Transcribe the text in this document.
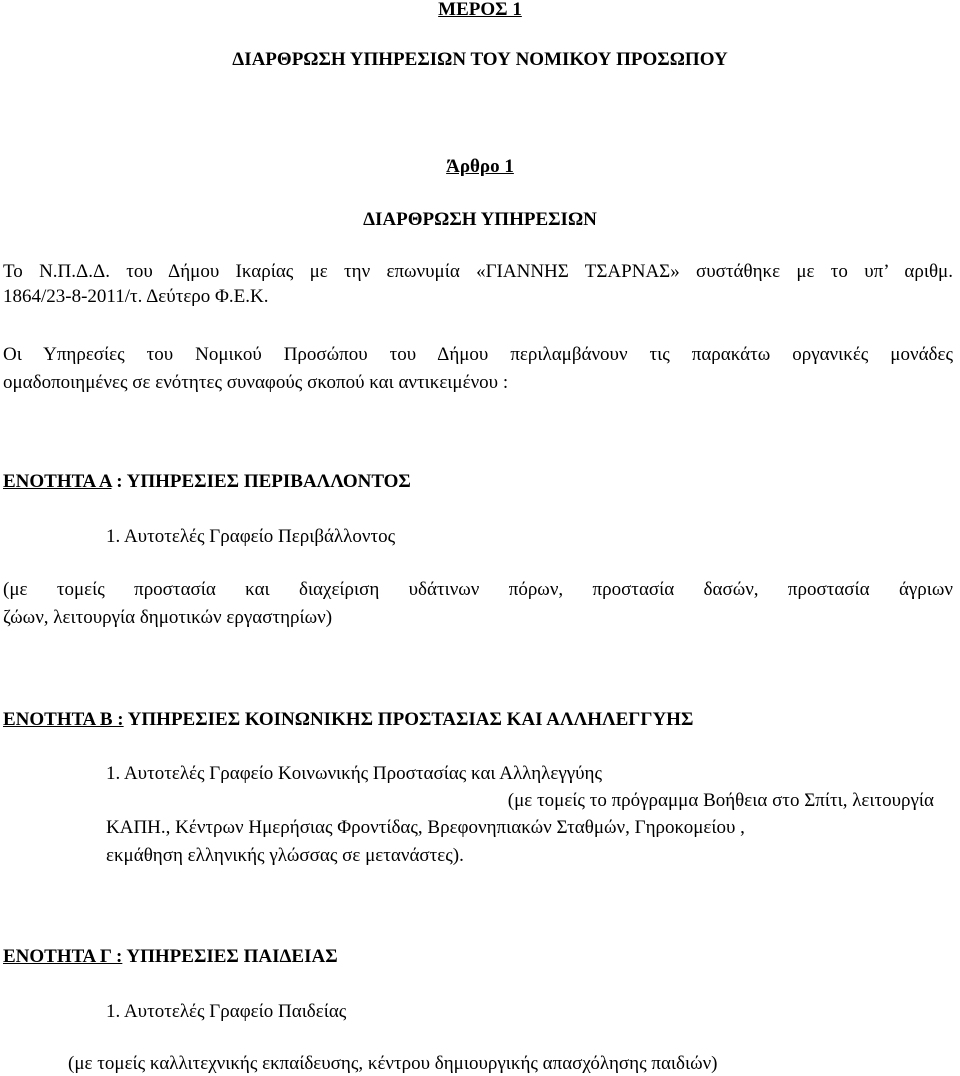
ΜΕΡΟΣ 1
ΔΙΑΡΘΡΩΣΗ ΥΠΗΡΕΣΙΩΝ ΤΟΥ ΝΟΜΙΚΟΥ ΠΡΟΣΩΠΟΥ
Άρθρο 1
ΔΙΑΡΘΡΩΣΗ ΥΠΗΡΕΣΙΩΝ
Το Ν.Π.Δ.Δ. του Δήμου Ικαρίας με την επωνυμία «ΓΙΑΝΝΗΣ ΤΣΑΡΝΑΣ» συστάθηκε με το υπ’ αριθμ.
1864/23-8-2011/τ. Δεύτερο Φ.Ε.Κ.
Οι Υπηρεσίες του Νομικού Προσώπου του Δήμου περιλαμβάνουν τις παρακάτω οργανικές μονάδες
ομαδοποιημένες σε ενότητες συναφούς σκοπού και αντικειμένου :
ΕΝΟΤΗΤΑ Α : ΥΠΗΡΕΣΙΕΣ ΠΕΡΙΒΑΛΛΟΝΤΟΣ
1. Αυτοτελές Γραφείο Περιβάλλοντος
(με τομείς προστασία και διαχείριση υδάτινων πόρων, προστασία δασών, προστασία άγριων
ζώων, λειτουργία δημοτικών εργαστηρίων)
ΕΝΟΤΗΤΑ Β : ΥΠΗΡΕΣΙΕΣ ΚΟΙΝΩΝΙΚΗΣ ΠΡΟΣΤΑΣΙΑΣ ΚΑΙ ΑΛΛΗΛΕΓΓΥΗΣ
1. Αυτοτελές Γραφείο Κοινωνικής Προστασίας και Αλληλεγγύης
(με τομείς το πρόγραμμα Βοήθεια στο Σπίτι, λειτουργία
ΚΑΠΗ., Κέντρων Ημερήσιας Φροντίδας, Βρεφονηπιακών Σταθμών, Γηροκομείου ,
εκμάθηση ελληνικής γλώσσας σε μετανάστες).
ΕΝΟΤΗΤΑ Γ : ΥΠΗΡΕΣΙΕΣ ΠΑΙΔΕΙΑΣ
1. Αυτοτελές Γραφείο Παιδείας
(με τομείς καλλιτεχνικής εκπαίδευσης, κέντρου δημιουργικής απασχόλησης παιδιών)
